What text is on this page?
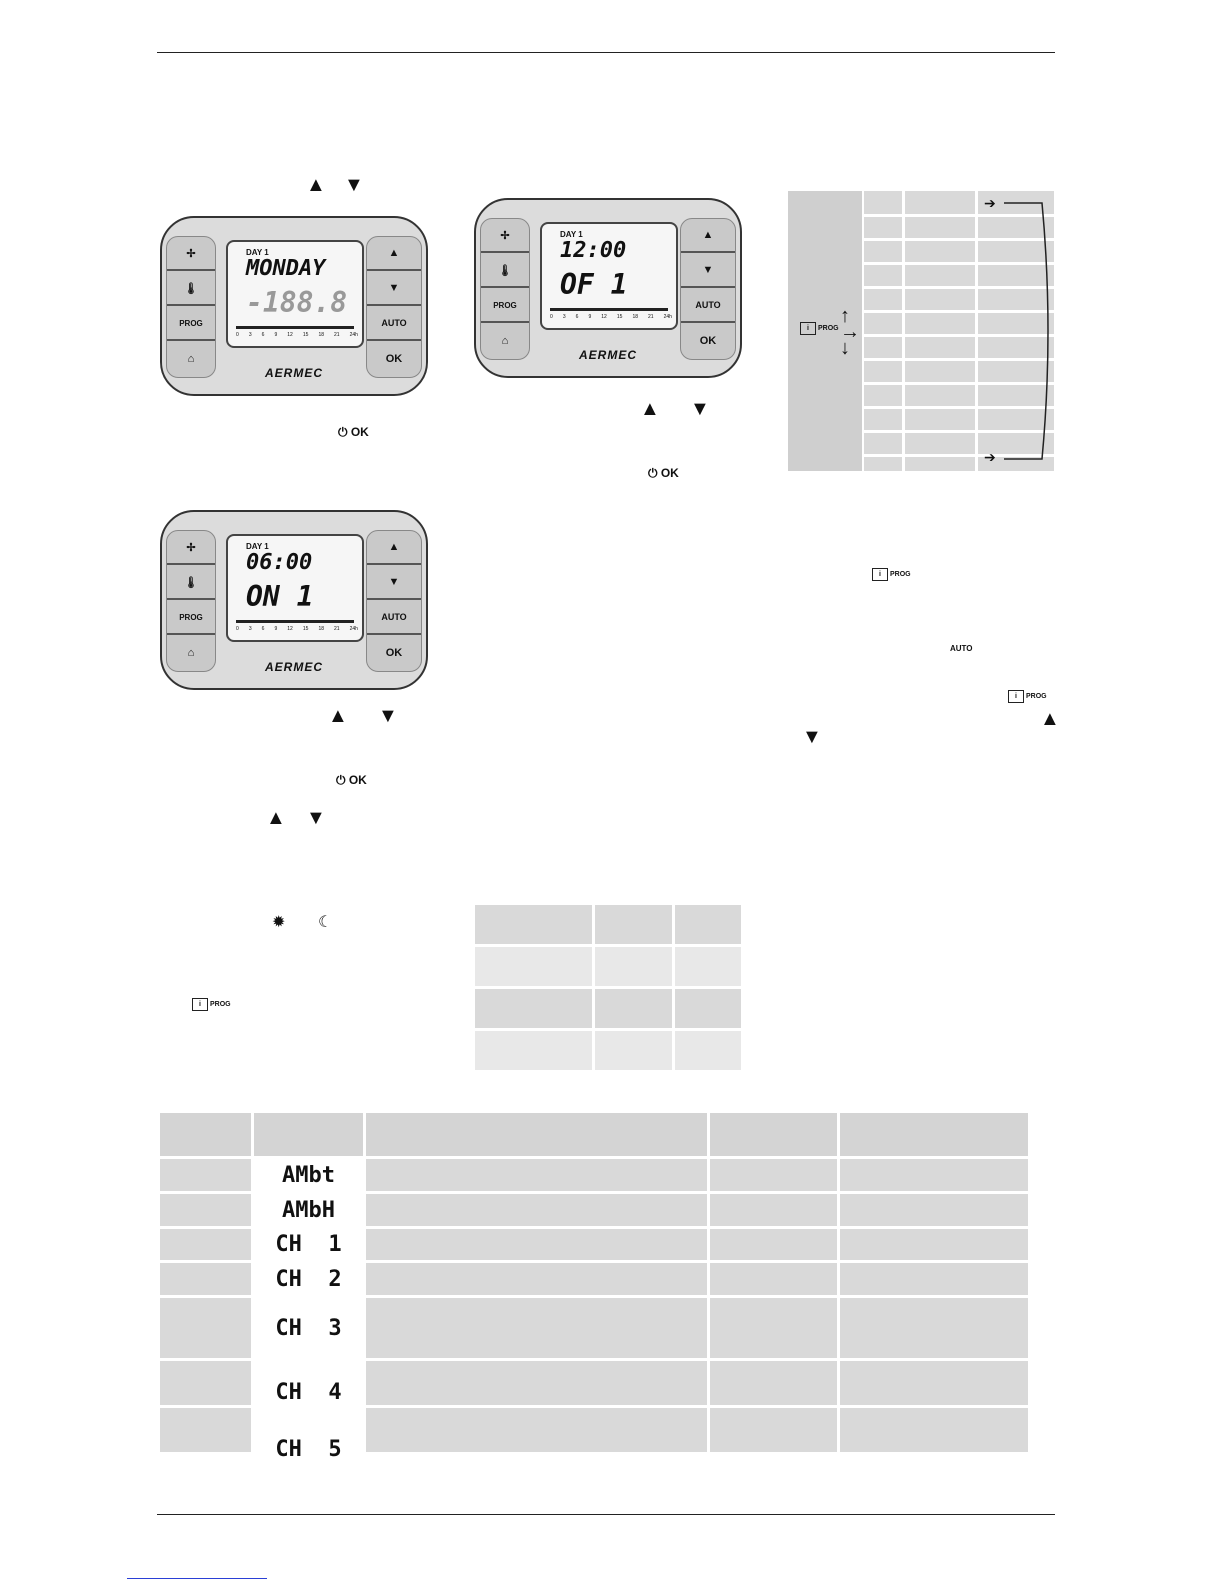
▲ ▼
✢
🌡
PROG
⌂
DAY 1
MONDAY
-188.8
0 3 6 9 12 15 18 21 24h
▲
▼
AUTO
OK
AERMEC
⏻ OK
✢
🌡
PROG
⌂
DAY 1
12:00
OF 1
0 3 6 9 12 15 18 21 24h
▲
▼
AUTO
OK
AERMEC
▲ ▼
⏻ OK
✢
🌡
PROG
⌂
DAY 1
06:00
ON 1
0 3 6 9 12 15 18 21 24h
▲
▼
AUTO
OK
AERMEC
▲ ▼
⏻ OK
▲ ▼
✹ ☾
i	PROG
i	PROG
↑
→
↓
➔
➔
i	PROG
AUTO
i	PROG
▲
▼
AMbt
AMbH
CH  1
CH  2
CH  3
CH  4
CH  5
